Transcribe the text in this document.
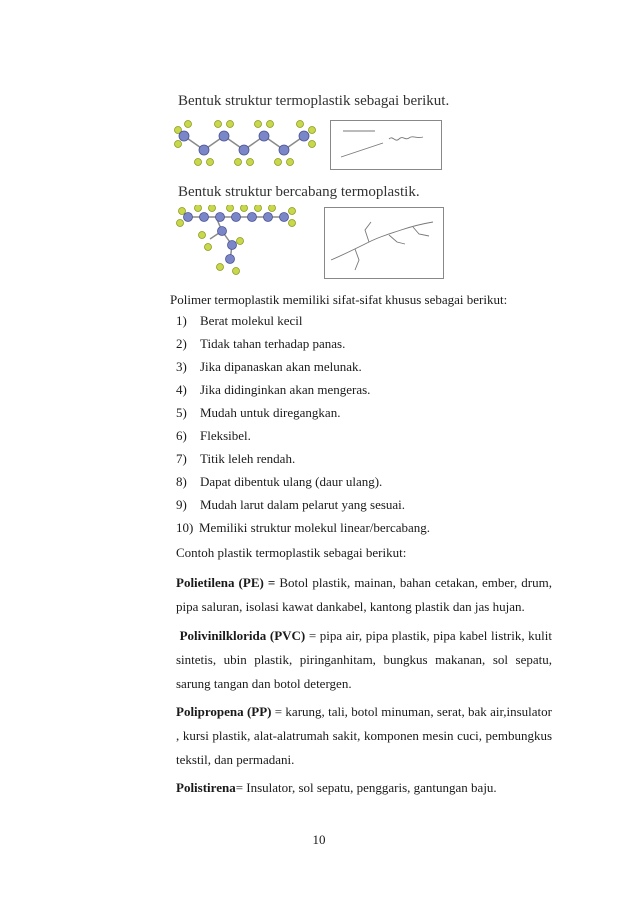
Bentuk struktur termoplastik sebagai berikut.
Bentuk struktur bercabang termoplastik.
Polimer termoplastik memiliki sifat-sifat khusus sebagai berikut:
1) Berat molekul kecil
2) Tidak tahan terhadap panas.
3) Jika dipanaskan akan melunak.
4) Jika didinginkan akan mengeras.
5) Mudah untuk diregangkan.
6) Fleksibel.
7) Titik leleh rendah.
8) Dapat dibentuk ulang (daur ulang).
9) Mudah larut dalam pelarut yang sesuai.
10) Memiliki struktur molekul linear/bercabang.

Contoh plastik termoplastik sebagai berikut:

Polietilena (PE) = Botol plastik, mainan, bahan cetakan, ember, drum, pipa saluran, isolasi kawat dankabel, kantong plastik dan jas hujan.

Polivinilklorida (PVC) = pipa air, pipa plastik, pipa kabel listrik, kulit sintetis, ubin plastik, piringanhitam, bungkus makanan, sol sepatu, sarung tangan dan botol detergen.

Polipropena (PP) = karung, tali, botol minuman, serat, bak air,insulator , kursi plastik, alat-alatrumah sakit, komponen mesin cuci, pembungkus tekstil, dan permadani.

Polistirena= Insulator, sol sepatu, penggaris, gantungan baju.

10
